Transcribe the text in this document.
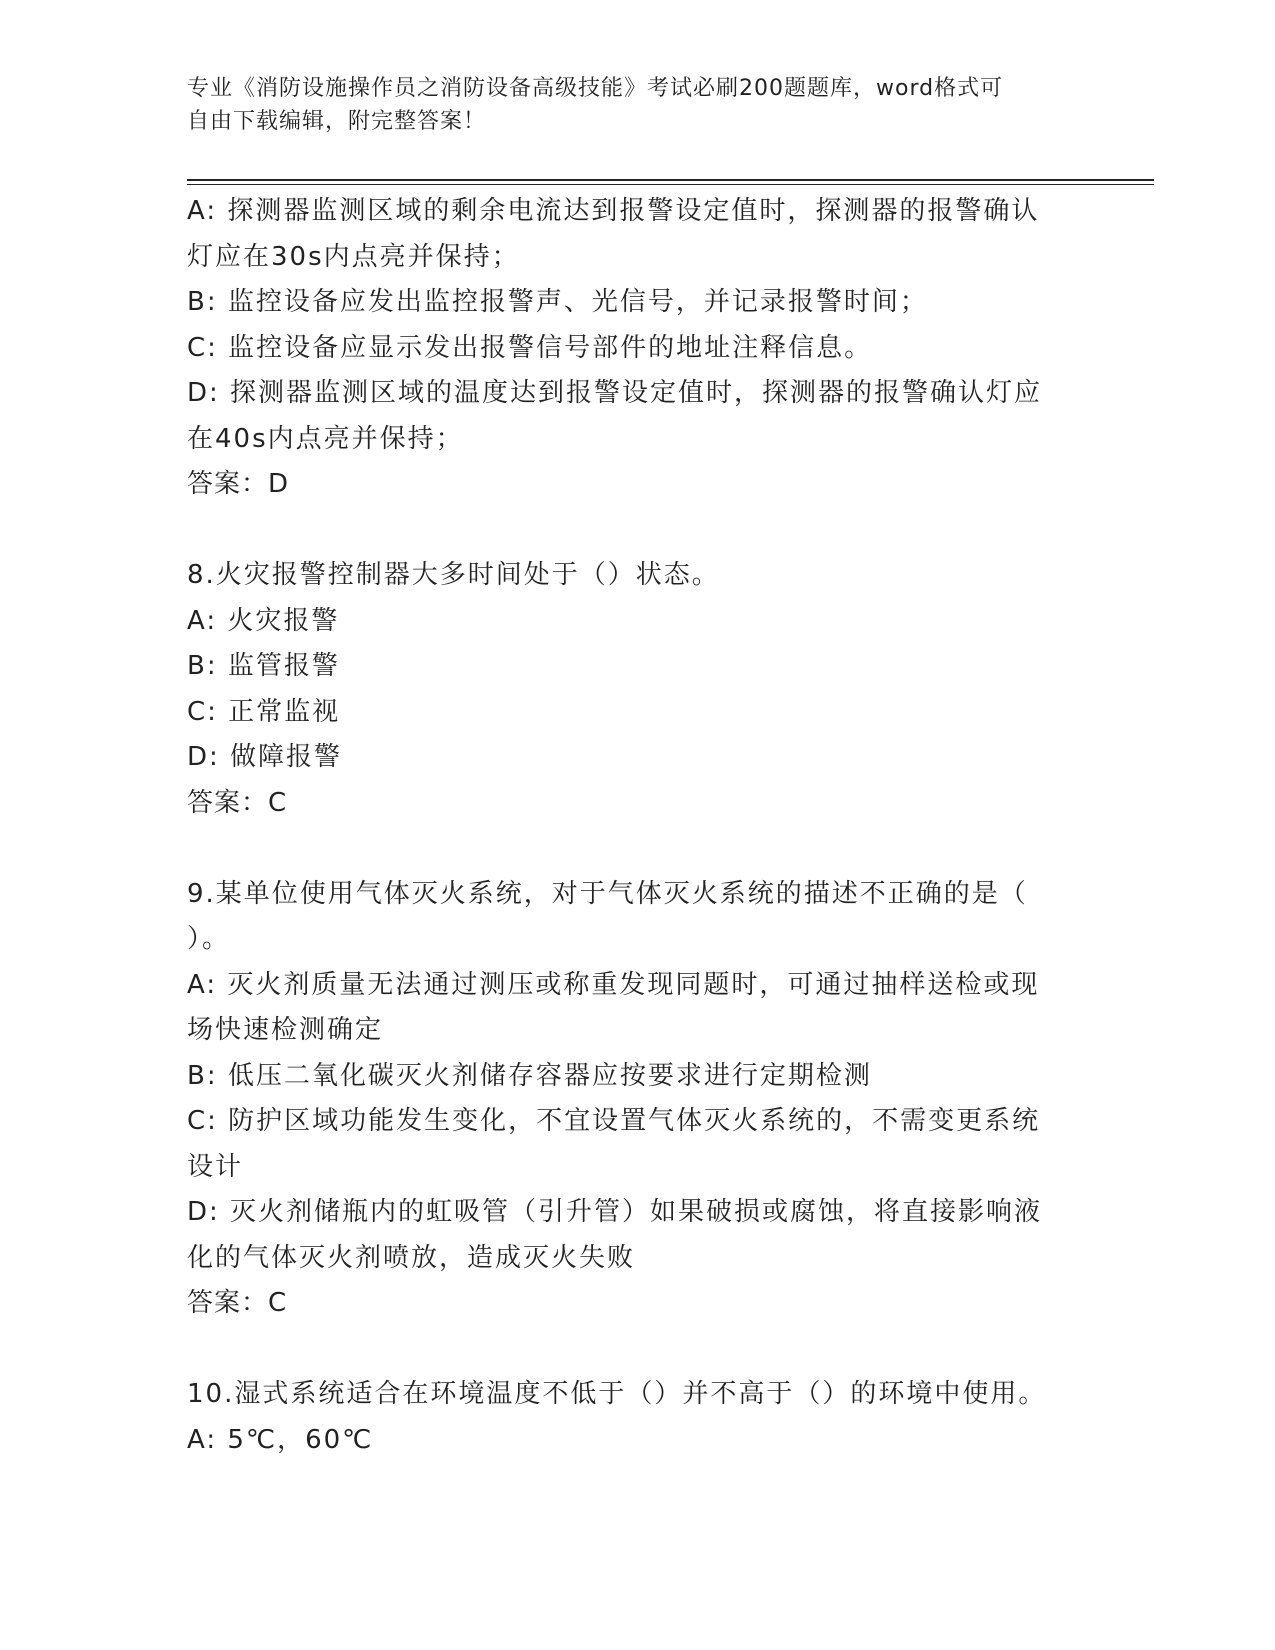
专业《消防设施操作员之消防设备高级技能》考试必刷200题题库，word格式可
自由下载编辑，附完整答案！
A: 探测器监测区域的剩余电流达到报警设定值时，探测器的报警确认
灯应在30s内点亮并保持；
B: 监控设备应发出监控报警声、光信号，并记录报警时间；
C: 监控设备应显示发出报警信号部件的地址注释信息。
D: 探测器监测区域的温度达到报警设定值时，探测器的报警确认灯应
在40s内点亮并保持；
答案：D
8.火灾报警控制器大多时间处于（）状态。
A: 火灾报警
B: 监管报警
C: 正常监视
D: 做障报警
答案：C
9.某单位使用气体灭火系统，对于气体灭火系统的描述不正确的是（
）。
A: 灭火剂质量无法通过测压或称重发现同题时，可通过抽样送检或现
场快速检测确定
B: 低压二氧化碳灭火剂储存容器应按要求进行定期检测
C: 防护区域功能发生变化，不宜设置气体灭火系统的，不需变更系统
设计
D: 灭火剂储瓶内的虹吸管（引升管）如果破损或腐蚀，将直接影响液
化的气体灭火剂喷放，造成灭火失败
答案：C
10.湿式系统适合在环境温度不低于（）并不高于（）的环境中使用。
A: 5℃，60℃
